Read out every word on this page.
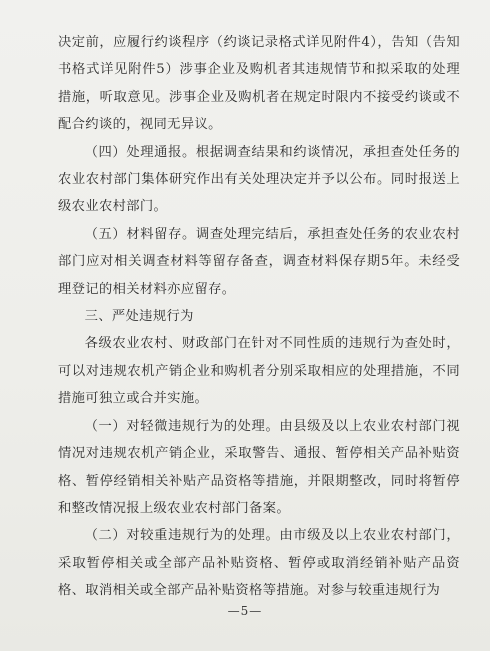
决定前，应履行约谈程序（约谈记录格式详见附件4），告知（告知书格式详见附件5）涉事企业及购机者其违规情节和拟采取的处理措施，听取意见。涉事企业及购机者在规定时限内不接受约谈或不配合约谈的，视同无异议。

（四）处理通报。根据调查结果和约谈情况，承担查处任务的农业农村部门集体研究作出有关处理决定并予以公布。同时报送上级农业农村部门。

（五）材料留存。调查处理完结后，承担查处任务的农业农村部门应对相关调查材料等留存备查，调查材料保存期5年。未经受理登记的相关材料亦应留存。

三、严处违规行为

各级农业农村、财政部门在针对不同性质的违规行为查处时，可以对违规农机产销企业和购机者分别采取相应的处理措施，不同措施可独立或合并实施。

（一）对轻微违规行为的处理。由县级及以上农业农村部门视情况对违规农机产销企业，采取警告、通报、暂停相关产品补贴资格、暂停经销相关补贴产品资格等措施，并限期整改，同时将暂停和整改情况报上级农业农村部门备案。

（二）对较重违规行为的处理。由市级及以上农业农村部门，采取暂停相关或全部产品补贴资格、暂停或取消经销补贴产品资格、取消相关或全部产品补贴资格等措施。对参与较重违规行为

—5—
